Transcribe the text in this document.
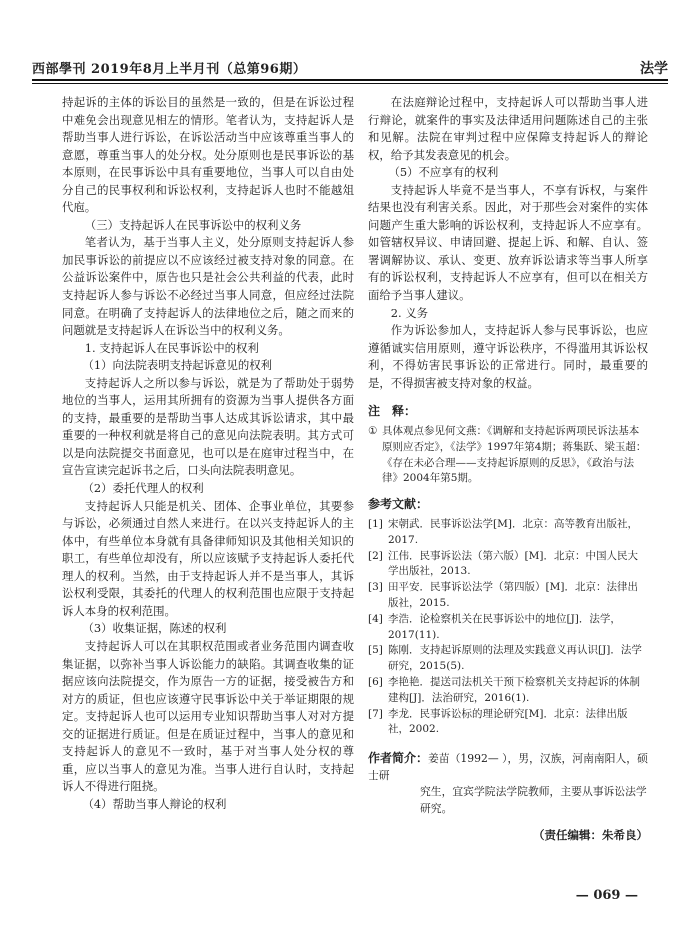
西部學刊 2019年8月上半月刊（总第96期）	法学

持起诉的主体的诉讼目的虽然是一致的，但是在诉讼过程中难免会出现意见相左的情形。笔者认为，支持起诉人是帮助当事人进行诉讼，在诉讼活动当中应该尊重当事人的意愿，尊重当事人的处分权。处分原则也是民事诉讼的基本原则，在民事诉讼中具有重要地位，当事人可以自由处分自己的民事权利和诉讼权利，支持起诉人也时不能越俎代庖。

（三）支持起诉人在民事诉讼中的权利义务

笔者认为，基于当事人主义，处分原则支持起诉人参加民事诉讼的前提应以不应该经过被支持对象的同意。在公益诉讼案件中，原告也只是社会公共利益的代表，此时支持起诉人参与诉讼不必经过当事人同意，但应经过法院同意。在明确了支持起诉人的法律地位之后，随之而来的问题就是支持起诉人在诉讼当中的权利义务。

1. 支持起诉人在民事诉讼中的权利

（1）向法院表明支持起诉意见的权利

支持起诉人之所以参与诉讼，就是为了帮助处于弱势地位的当事人，运用其所拥有的资源为当事人提供各方面的支持，最重要的是帮助当事人达成其诉讼请求，其中最重要的一种权利就是将自己的意见向法院表明。其方式可以是向法院提交书面意见，也可以是在庭审过程当中，在宣告宣读完起诉书之后，口头向法院表明意见。

（2）委托代理人的权利

支持起诉人只能是机关、团体、企事业单位，其要参与诉讼，必须通过自然人来进行。在以兴支持起诉人的主体中，有些单位本身就有具备律师知识及其他相关知识的职工，有些单位却没有，所以应该赋予支持起诉人委托代理人的权利。当然，由于支持起诉人并不是当事人，其诉讼权利受限，其委托的代理人的权利范围也应限于支持起诉人本身的权利范围。

（3）收集证据，陈述的权利

支持起诉人可以在其职权范围或者业务范围内调查收集证据，以弥补当事人诉讼能力的缺陷。其调查收集的证据应该向法院提交，作为原告一方的证据，接受被告方和对方的质证，但也应该遵守民事诉讼中关于举证期限的规定。支持起诉人也可以运用专业知识帮助当事人对对方提交的证据进行质证。但是在质证过程中，当事人的意见和支持起诉人的意见不一致时，基于对当事人处分权的尊重，应以当事人的意见为准。当事人进行自认时，支持起诉人不得进行阻挠。

（4）帮助当事人辩论的权利

在法庭辩论过程中，支持起诉人可以帮助当事人进行辩论，就案件的事实及法律适用问题陈述自己的主张和见解。法院在审判过程中应保障支持起诉人的辩论权，给予其发表意见的机会。

（5）不应享有的权利

支持起诉人毕竟不是当事人，不享有诉权，与案件结果也没有利害关系。因此，对于那些会对案件的实体问题产生重大影响的诉讼权利，支持起诉人不应享有。如管辖权异议、申请回避、提起上诉、和解、自认、签署调解协议、承认、变更、放弃诉讼请求等当事人所享有的诉讼权利，支持起诉人不应享有，但可以在相关方面给予当事人建议。

2. 义务

作为诉讼参加人，支持起诉人参与民事诉讼，也应遵循诚实信用原则，遵守诉讼秩序，不得滥用其诉讼权利，不得妨害民事诉讼的正常进行。同时，最重要的是，不得损害被支持对象的权益。

注　释：
① 具体观点参见何文燕：《调解和支持起诉两项民诉法基本原则应否定》，《法学》1997年第4期；蒋集跃、梁玉超：《存在未必合理——支持起诉原则的反思》，《政治与法律》2004年第5期。
参考文献：
[1] 宋朝武．民事诉讼法学[M]．北京：高等教育出版社，2017.
[2] 江伟．民事诉讼法（第六版）[M]．北京：中国人民大学出版社，2013.
[3] 田平安．民事诉讼法学（第四版）[M]．北京：法律出版社，2015.
[4] 李浩．论检察机关在民事诉讼中的地位[J]．法学，2017(11).
[5] 陈刚．支持起诉原则的法理及实践意义再认识[J]．法学研究，2015(5).
[6] 李艳艳．提送司法机关干预下检察机关支持起诉的体制建构[J]．法治研究，2016(1).
[7] 李龙．民事诉讼标的理论研究[M]．北京：法律出版社，2002.
作者简介：姜苗（1992— ），男，汉族，河南南阳人，硕士研
究生，宜宾学院法学院教师，主要从事诉讼法学研究。
（责任编辑：朱希良）
— 069 —
